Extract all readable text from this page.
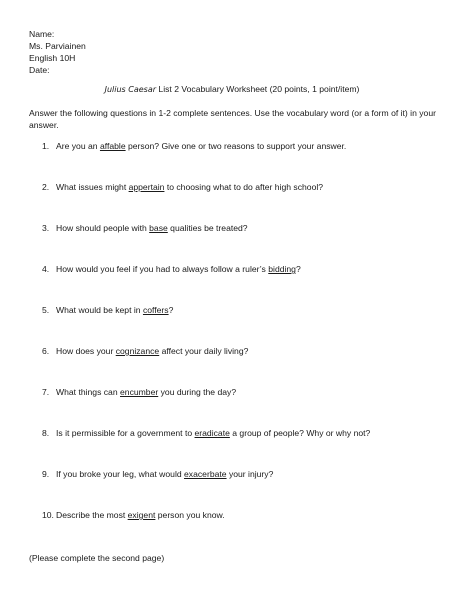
Name:
Ms. Parviainen
English 10H
Date:
Julius Caesar List 2 Vocabulary Worksheet (20 points, 1 point/item)
Answer the following questions in 1-2 complete sentences. Use the vocabulary word (or a form of it) in your answer.
1. Are you an affable person? Give one or two reasons to support your answer.
2. What issues might appertain to choosing what to do after high school?
3. How should people with base qualities be treated?
4. How would you feel if you had to always follow a ruler’s bidding?
5. What would be kept in coffers?
6. How does your cognizance affect your daily living?
7. What things can encumber you during the day?
8. Is it permissible for a government to eradicate a group of people? Why or why not?
9. If you broke your leg, what would exacerbate your injury?
10. Describe the most exigent person you know.
(Please complete the second page)
